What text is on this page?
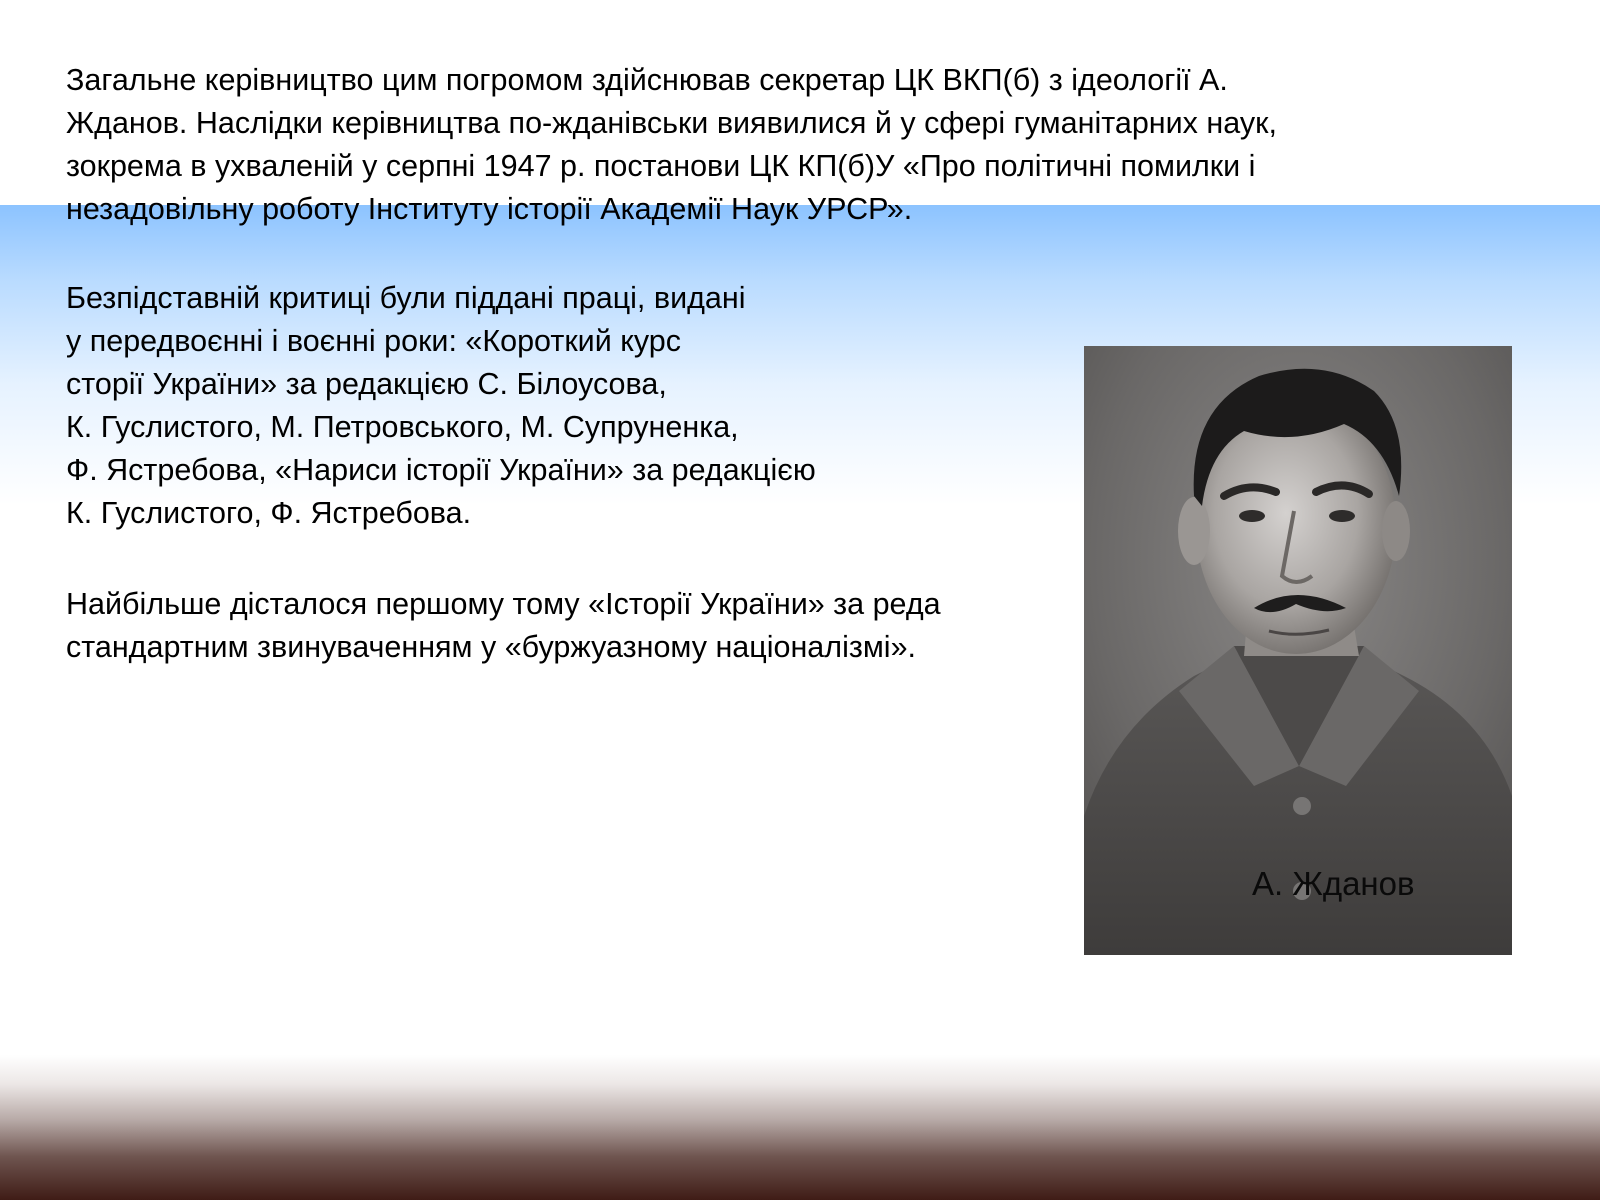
Загальне керівництво цим погромом здійснював секретар ЦК ВКП(б) з ідеології А.
Жданов. Наслідки керівництва по-жданівськи виявилися й у сфері гуманітарних наук,
зокрема в ухваленій у серпні 1947 р. постанови ЦК КП(б)У «Про політичні помилки і
незадовільну роботу Інституту історії Академії Наук УРСР».
Безпідставній критиці були піддані праці, видані
у передвоєнні і воєнні роки: «Короткий курс
сторії України» за редакцією С. Білоусова,
К. Гуслистого, М. Петровського, М. Супруненка,
Ф. Ястребова, «Нариси історії України» за редакцією
К. Гуслистого, Ф. Ястребова.
Найбільше дісталося першому тому «Історії України» за реда
стандартним звинуваченням у «буржуазному націоналізмі».
А. Жданов
